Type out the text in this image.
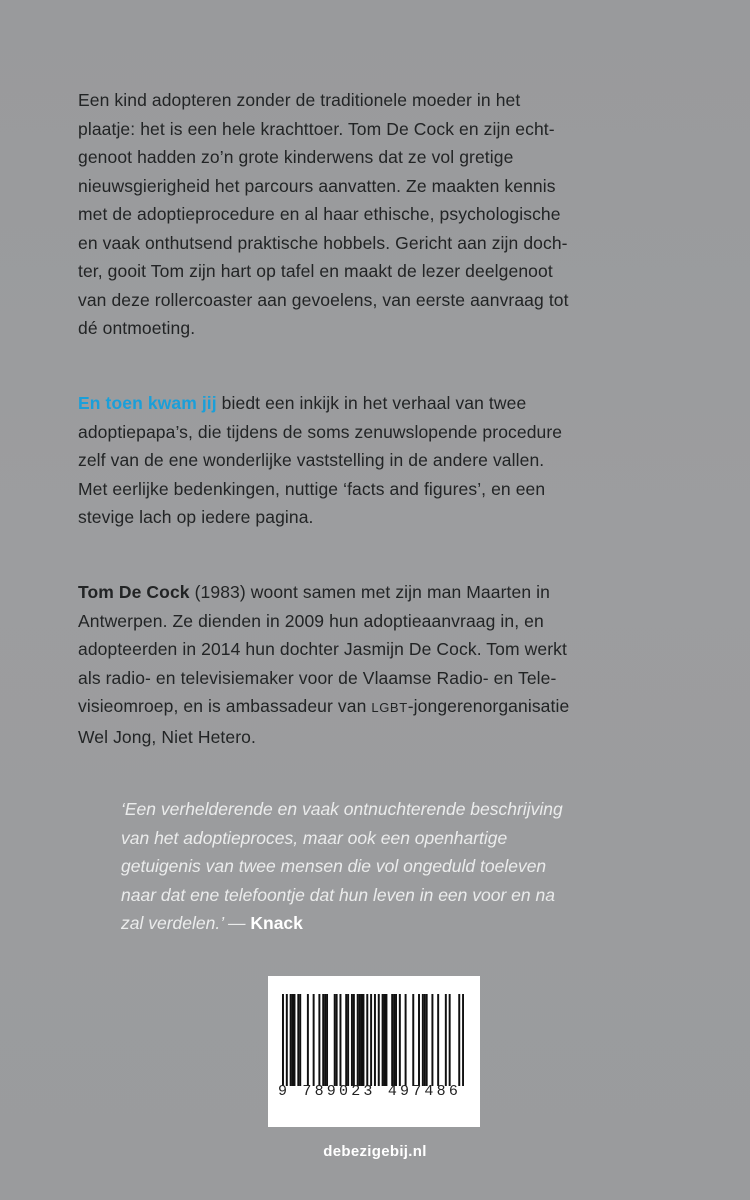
Een kind adopteren zonder de traditionele moeder in het
plaatje: het is een hele krachttoer. Tom De Cock en zijn echt-
genoot hadden zo’n grote kinderwens dat ze vol gretige
nieuwsgierigheid het parcours aanvatten. Ze maakten kennis
met de adoptieprocedure en al haar ethische, psychologische
en vaak onthutsend praktische hobbels. Gericht aan zijn doch-
ter, gooit Tom zijn hart op tafel en maakt de lezer deelgenoot
van deze rollercoaster aan gevoelens, van eerste aanvraag tot
dé ontmoeting.
En toen kwam jij biedt een inkijk in het verhaal van twee
adoptiepapa’s, die tijdens de soms zenuwslopende procedure
zelf van de ene wonderlijke vaststelling in de andere vallen.
Met eerlijke bedenkingen, nuttige ‘facts and figures’, en een
stevige lach op iedere pagina.
Tom De Cock (1983) woont samen met zijn man Maarten in
Antwerpen. Ze dienden in 2009 hun adoptieaanvraag in, en
adopteerden in 2014 hun dochter Jasmijn De Cock. Tom werkt
als radio- en televisiemaker voor de Vlaamse Radio- en Tele-
visieomroep, en is ambassadeur van LGBT-jongerenorganisatie
Wel Jong, Niet Hetero.
‘Een verhelderende en vaak ontnuchterende beschrijving
van het adoptieproces, maar ook een openhartige
getuigenis van twee mensen die vol ongeduld toeleven
naar dat ene telefoontje dat hun leven in een voor en na
zal verdelen.’ — Knack
9 789023 497486
debezigebij.nl
